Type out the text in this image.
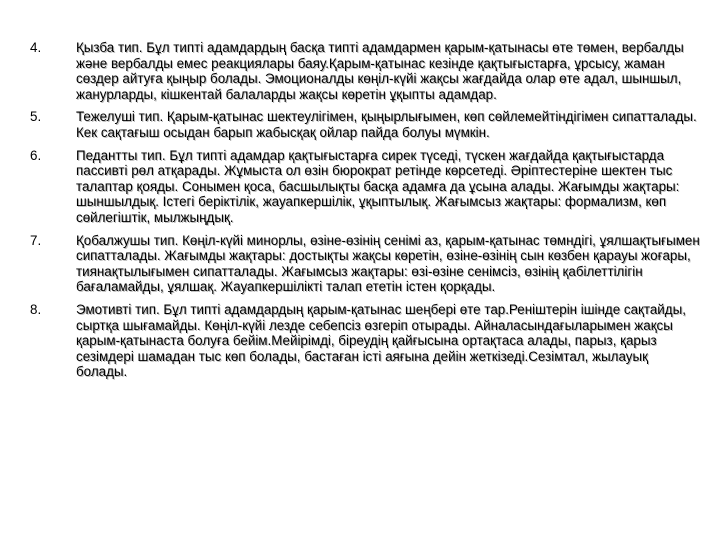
4.	Қызба тип. Бұл типті адамдардың басқа типті адамдармен қарым-қатынасы өте төмен, вербалды және вербалды емес реакциялары баяу.Қарым-қатынас кезінде қақтығыстарға, ұрсысу, жаман сөздер айтуға қыңыр болады. Эмоционалды көңіл-күйі жақсы жағдайда олар өте адал, шыншыл, жанурларды, кішкентай балаларды жақсы көретін ұқыпты адамдар.
5.	Тежелуші тип. Қарым-қатынас шектеулігімен, қыңырлығымен, көп сөйлемейтіндігімен сипатталады. Кек сақтағыш осыдан барып жабысқақ ойлар пайда болуы мүмкін.
6.	Педантты тип. Бұл типті адамдар қақтығыстарға сирек түседі, түскен жағдайда қақтығыстарда пассивті рөл атқарады. Жұмыста ол өзін бюрократ ретінде көрсетеді. Әріптестеріне шектен тыс талаптар қояды. Сонымен қоса, басшылықты басқа адамға да ұсына алады. Жағымды жақтары: шыншылдық. Істегі беріктілік, жауапкершілік, ұқыптылық. Жағымсыз жақтары: формализм, көп сөйлегіштік, мылжыңдық.
7.	Қобалжушы тип. Көңіл-күйі минорлы, өзіне-өзінің сенімі аз, қарым-қатынас төмндігі, ұялшақтығымен сипатталады. Жағымды жақтары: достықты жақсы көретін, өзіне-өзінің сын көзбен қарауы жоғары, тиянақтылығымен сипатталады. Жағымсыз жақтары: өзі-өзіне сенімсіз, өзінің қабілеттілігін бағаламайды, ұялшақ. Жауапкершілікті талап ететін істен қорқады.
8.	Эмотивті тип. Бұл типті адамдардың қарым-қатынас шеңбері өте тар.Реніштерін ішінде сақтайды, сыртқа шығамайды. Көңіл-күйі лезде себепсіз өзгеріп отырады. Айналасындағыларымен жақсы қарым-қатынаста болуға бейім.Мейірімді, біреудің қайғысына ортақтаса алады, парыз, қарыз сезімдері шамадан тыс көп болады, бастаған істі аяғына дейін жеткізеді.Сезімтал, жылауық болады.
